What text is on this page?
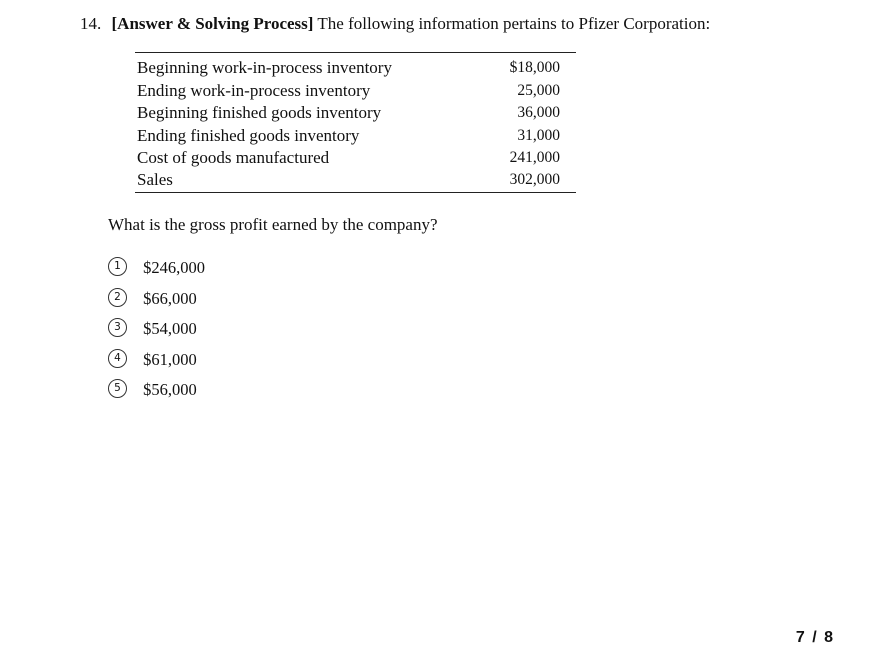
14. [Answer & Solving Process] The following information pertains to Pfizer Corporation:
Beginning work-in-process inventory	$18,000
Ending work-in-process inventory	25,000
Beginning finished goods inventory	36,000
Ending finished goods inventory	31,000
Cost of goods manufactured	241,000
Sales	302,000
What is the gross profit earned by the company?
1 $246,000
2 $66,000
3 $54,000
4 $61,000
5 $56,000
7 / 8
